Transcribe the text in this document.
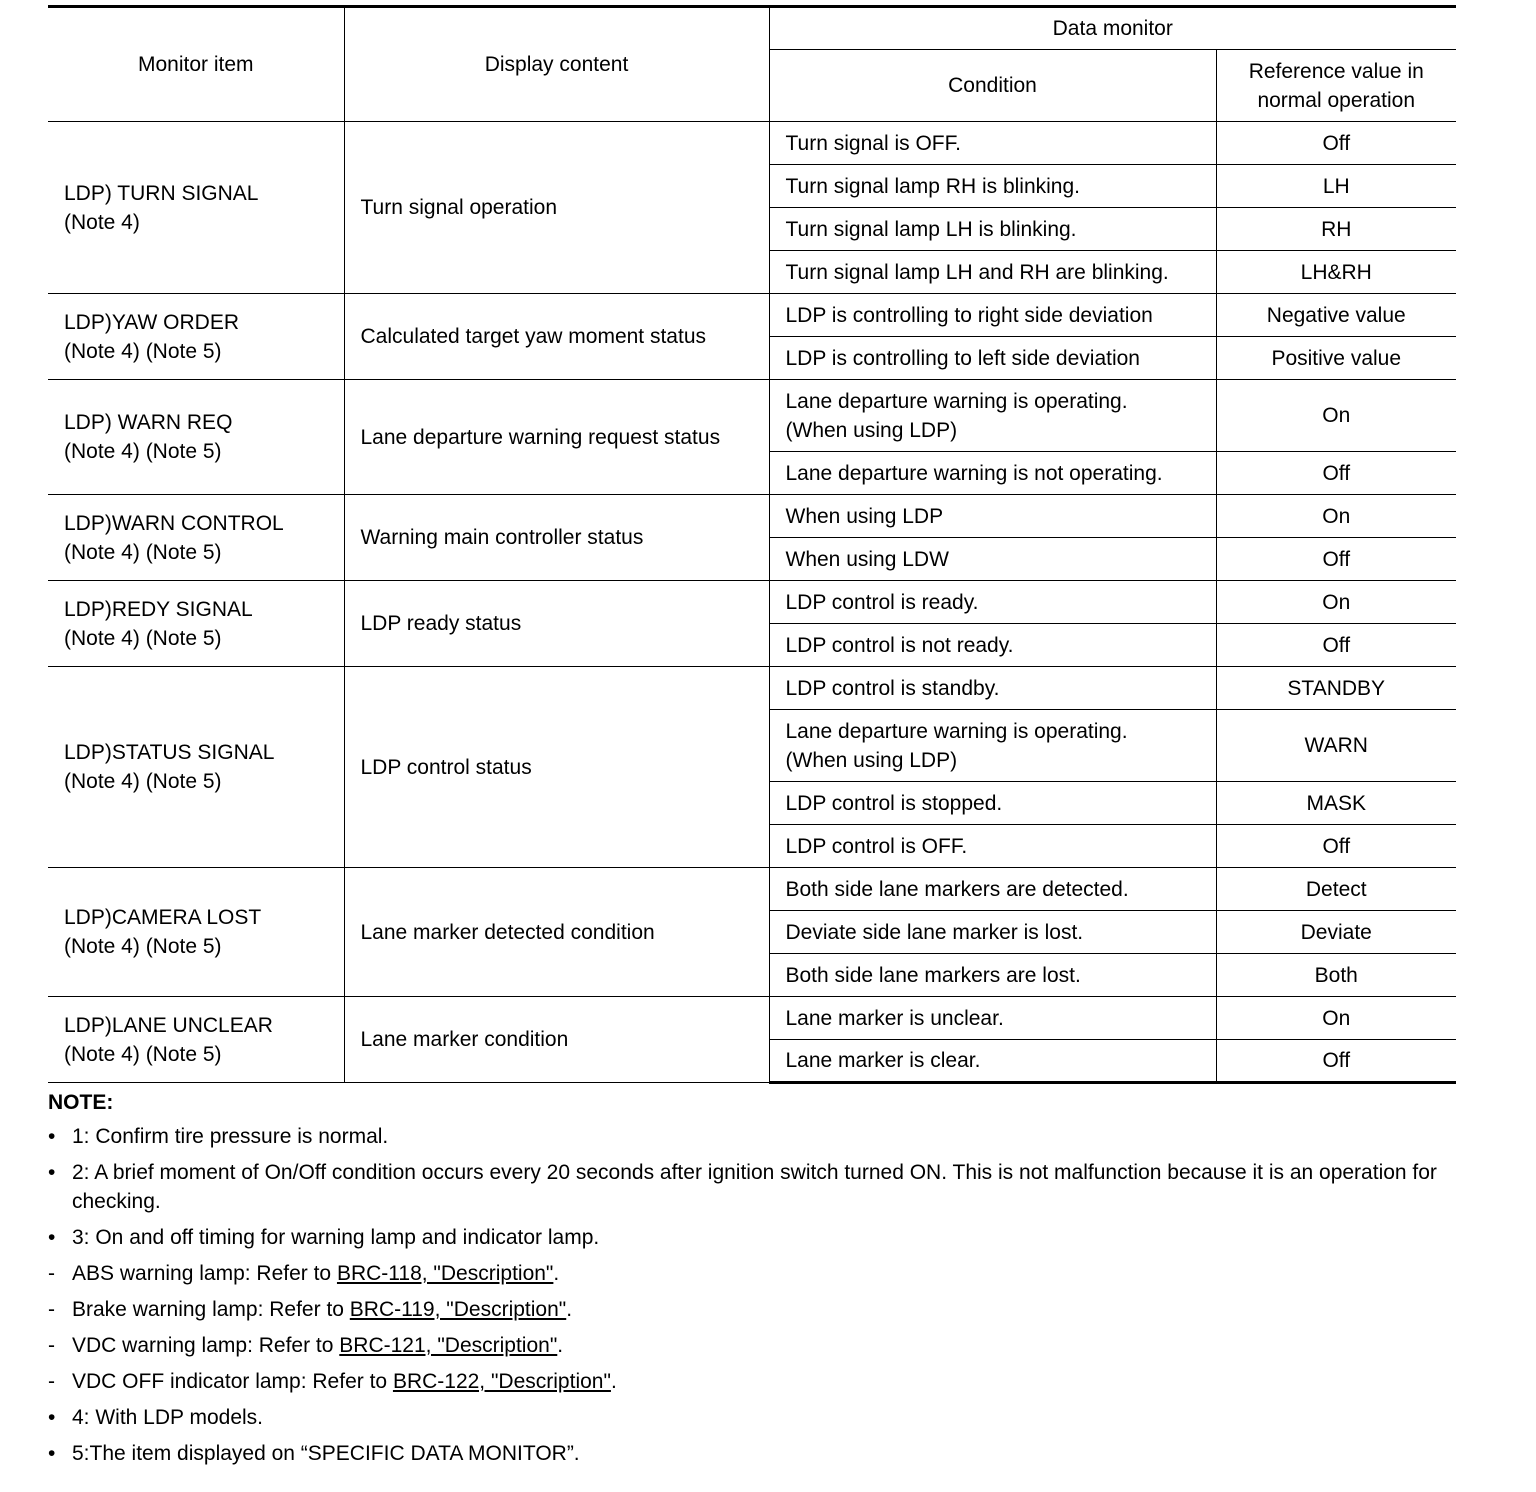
Monitor item	Display content	Data monitor	
		Condition	Reference value in normal operation

LDP) TURN SIGNAL
(Note 4)	Turn signal operation	Turn signal is OFF.	Off
		Turn signal lamp RH is blinking.	LH
		Turn signal lamp LH is blinking.	RH
		Turn signal lamp LH and RH are blinking.	LH&RH

LDP)YAW ORDER
(Note 4) (Note 5)	Calculated target yaw moment status	LDP is controlling to right side deviation	Negative value
		LDP is controlling to left side deviation	Positive value

LDP) WARN REQ
(Note 4) (Note 5)	Lane departure warning request status	Lane departure warning is operating. (When using LDP)	On
		Lane departure warning is not operating.	Off

LDP)WARN CONTROL
(Note 4) (Note 5)	Warning main controller status	When using LDP	On
		When using LDW	Off

LDP)REDY SIGNAL
(Note 4) (Note 5)	LDP ready status	LDP control is ready.	On
		LDP control is not ready.	Off

LDP)STATUS SIGNAL
(Note 4) (Note 5)	LDP control status	LDP control is standby.	STANDBY
		Lane departure warning is operating. (When using LDP)	WARN
		LDP control is stopped.	MASK
		LDP control is OFF.	Off

LDP)CAMERA LOST
(Note 4) (Note 5)	Lane marker detected condition	Both side lane markers are detected.	Detect
		Deviate side lane marker is lost.	Deviate
		Both side lane markers are lost.	Both

LDP)LANE UNCLEAR
(Note 4) (Note 5)	Lane marker condition	Lane marker is unclear.	On
		Lane marker is clear.	Off
NOTE:
• 1: Confirm tire pressure is normal.
• 2: A brief moment of On/Off condition occurs every 20 seconds after ignition switch turned ON. This is not malfunction because it is an operation for checking.
• 3: On and off timing for warning lamp and indicator lamp.
- ABS warning lamp: Refer to BRC-118, "Description".
- Brake warning lamp: Refer to BRC-119, "Description".
- VDC warning lamp: Refer to BRC-121, "Description".
- VDC OFF indicator lamp: Refer to BRC-122, "Description".
• 4: With LDP models.
• 5:The item displayed on “SPECIFIC DATA MONITOR”.
